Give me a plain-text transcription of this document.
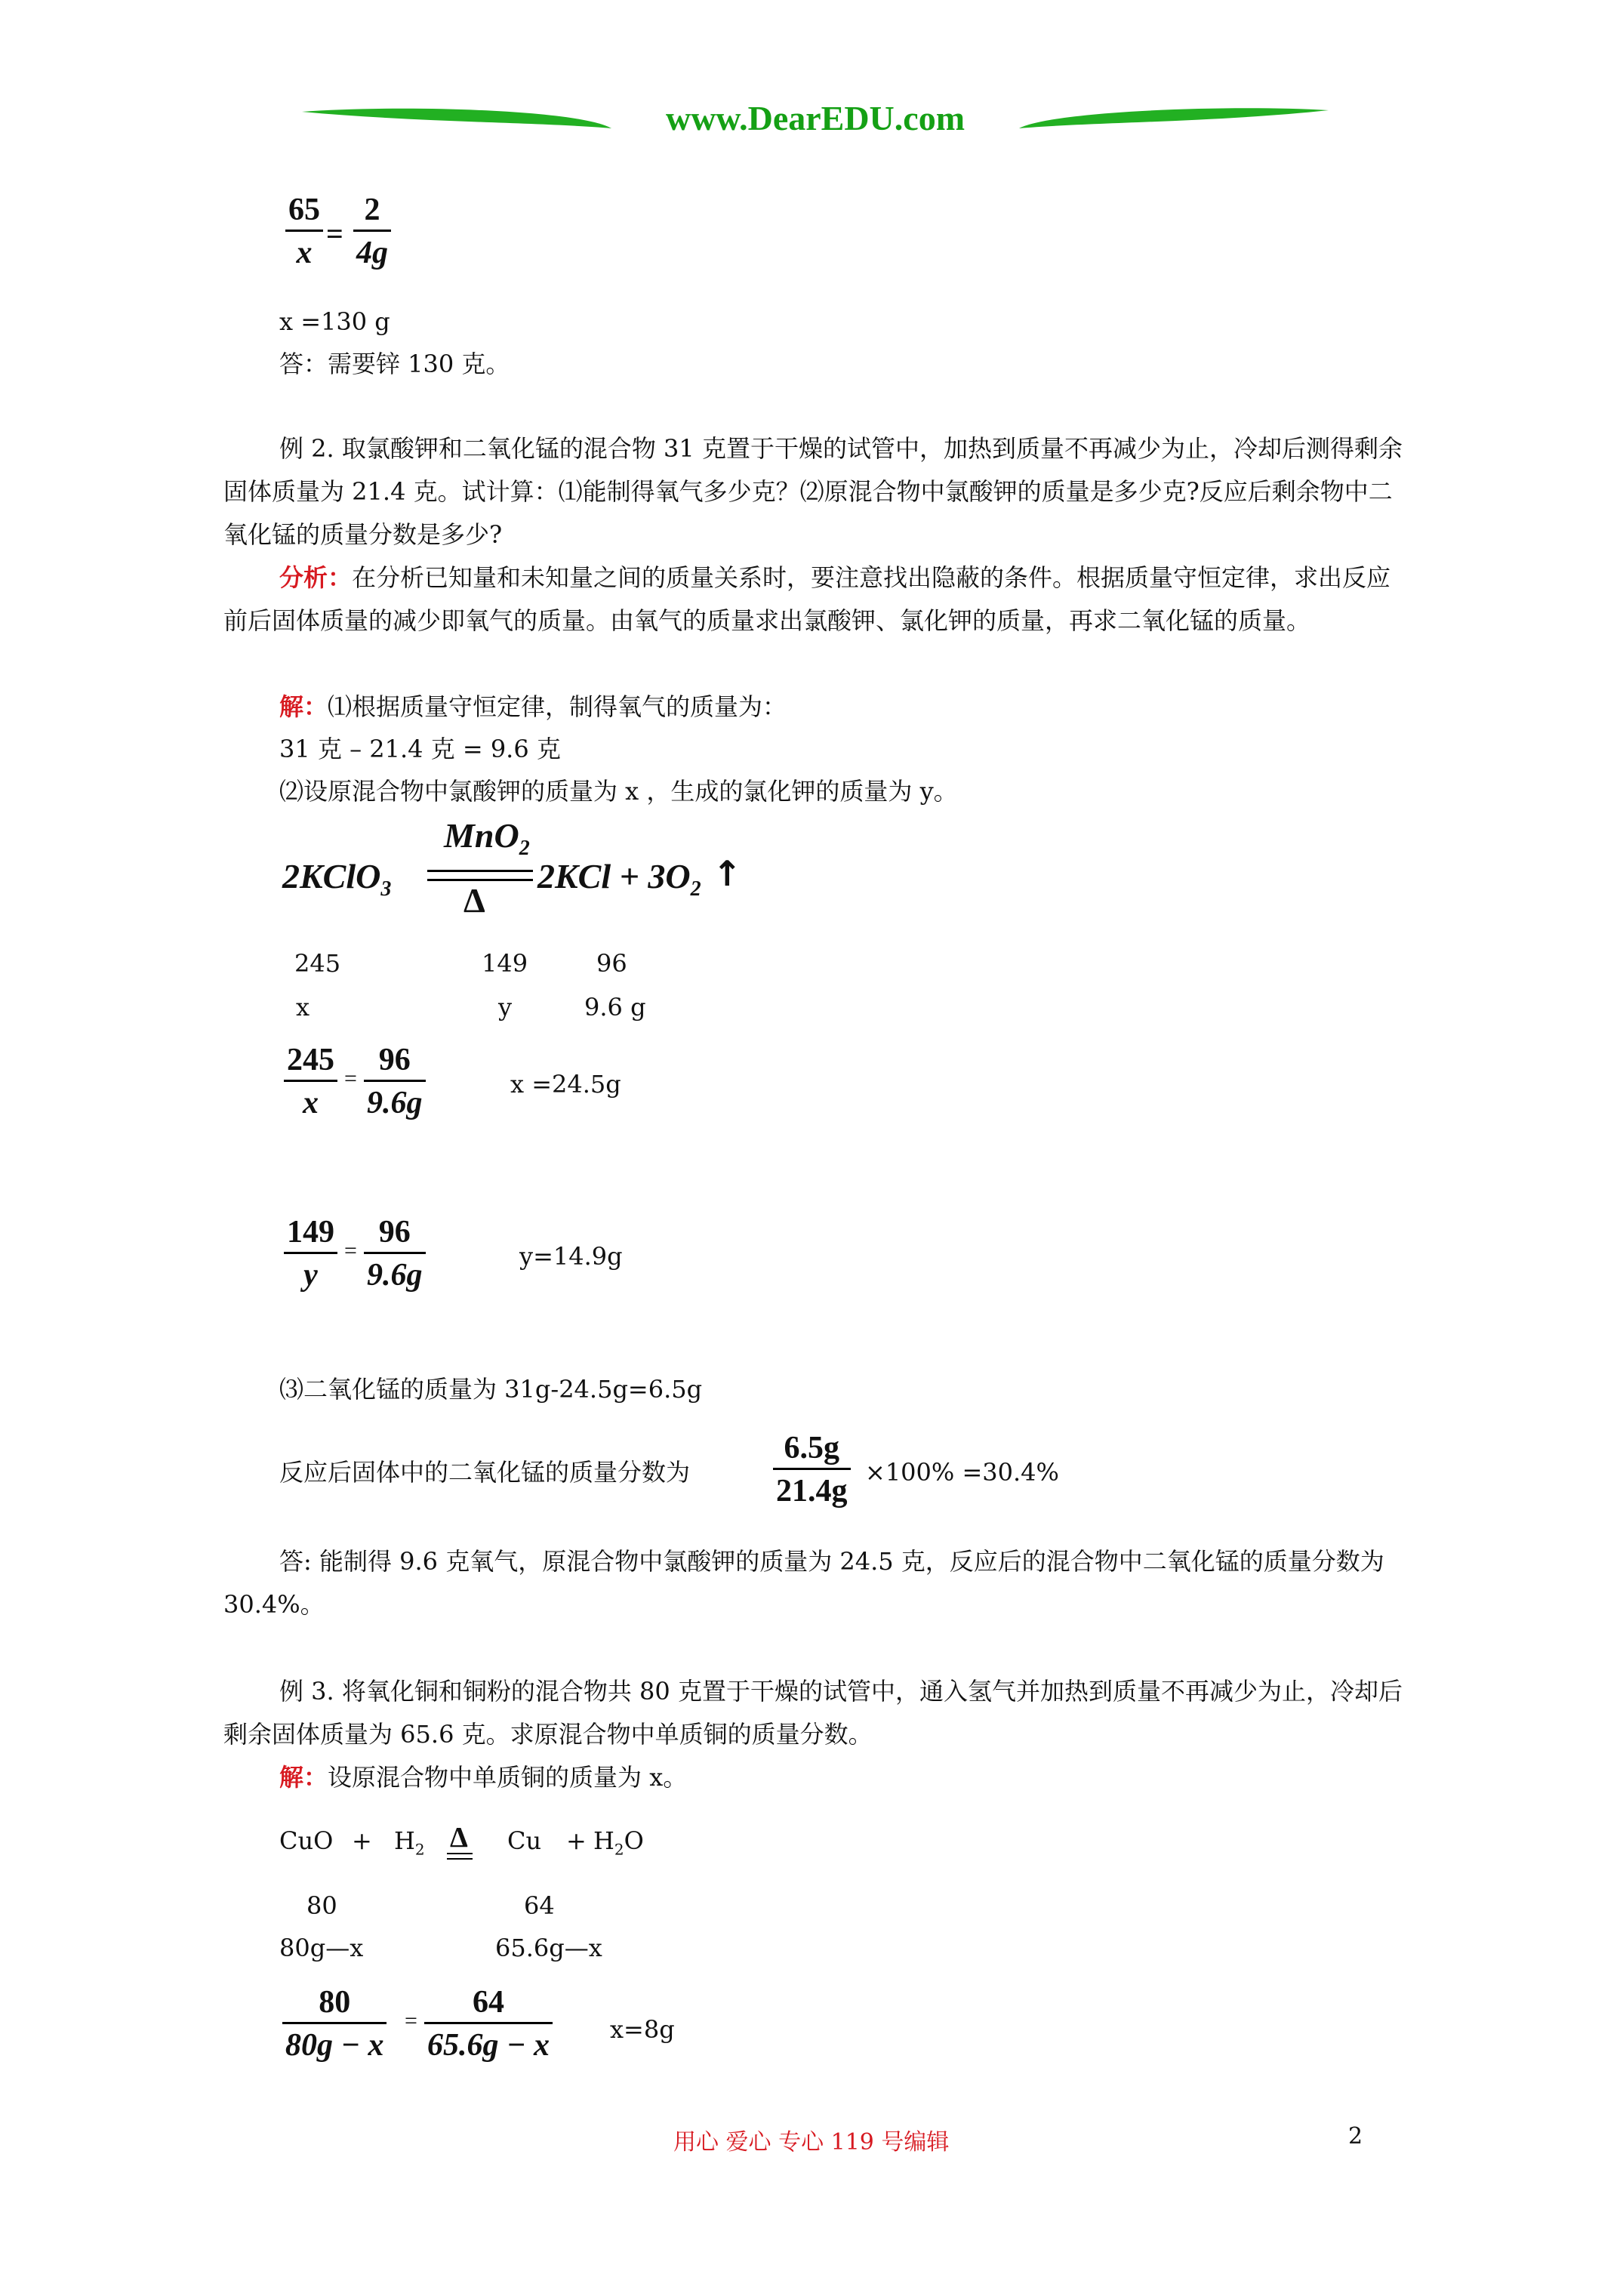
www.DearEDU.com
65
x
=
2
4g
x =130 g
答：需要锌 130 克。
例 2. 取氯酸钾和二氧化锰的混合物 31 克置于干燥的试管中，加热到质量不再减少为止，冷却后测得剩余固体质量为 21.4 克。试计算：⑴能制得氧气多少克？⑵原混合物中氯酸钾的质量是多少克?反应后剩余物中二氧化锰的质量分数是多少?
分析：在分析已知量和未知量之间的质量关系时，要注意找出隐蔽的条件。根据质量守恒定律，求出反应前后固体质量的减少即氧气的质量。由氧气的质量求出氯酸钾、氯化钾的质量，再求二氧化锰的质量。
解：⑴根据质量守恒定律，制得氧气的质量为：
31 克 – 21.4 克 = 9.6 克
⑵设原混合物中氯酸钾的质量为 x ，生成的氯化钾的质量为 y。
2KClO$_3$
MnO$_2$
Δ
$2KCl + 3O_2$ ↑
245	149	96
x	y	9.6 g
245
x
=
96
9.6g
x =24.5g
149
y
=
96
9.6g
y=14.9g
⑶二氧化锰的质量为 31g-24.5g=6.5g
反应后固体中的二氧化锰的质量分数为
6.5g
21.4g
×100% =30.4%
答: 能制得 9.6 克氧气，原混合物中氯酸钾的质量为 24.5 克，反应后的混合物中二氧化锰的质量分数为 30.4%。
例 3. 将氧化铜和铜粉的混合物共 80 克置于干燥的试管中，通入氢气并加热到质量不再减少为止，冷却后剩余固体质量为 65.6 克。求原混合物中单质铜的质量分数。
解：设原混合物中单质铜的质量为 x。
CuO + $H_2$ Δ $Cu + H_2O$
80	64
80g—x	65.6g—x
80
80g − x
=
64
65.6g − x	x=8g
用心 爱心 专心 119 号编辑	2
